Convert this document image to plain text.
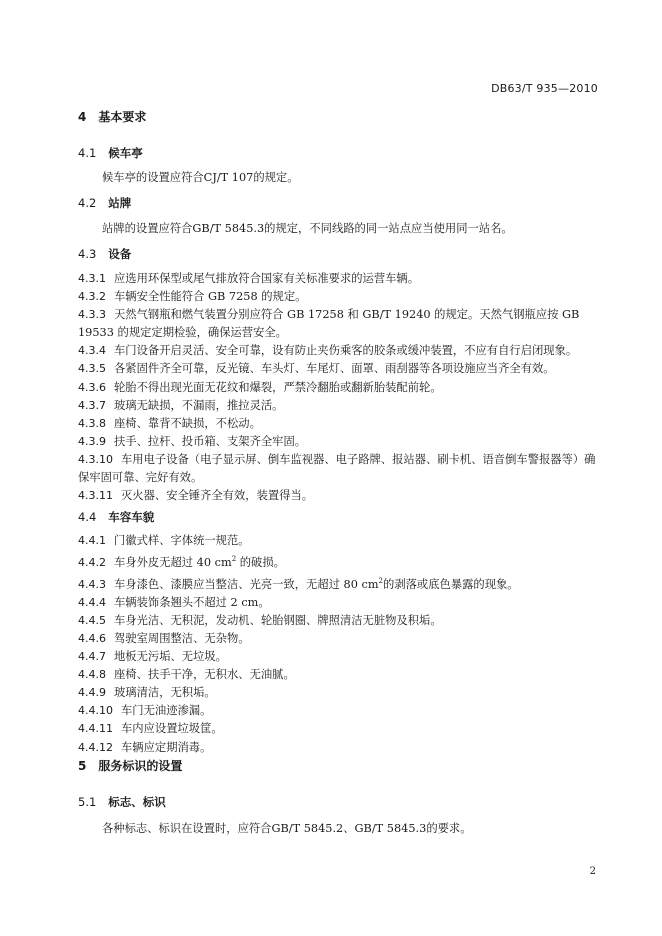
DB63/T 935—2010
4 基本要求
4.1 候车亭
候车亭的设置应符合CJ/T 107的规定。
4.2 站牌
站牌的设置应符合GB/T 5845.3的规定，不同线路的同一站点应当使用同一站名。
4.3 设备
4.3.1 应选用环保型或尾气排放符合国家有关标准要求的运营车辆。
4.3.2 车辆安全性能符合 GB 7258 的规定。
4.3.3 天然气钢瓶和燃气装置分别应符合 GB 17258 和 GB/T 19240 的规定。天然气钢瓶应按 GB 19533 的规定定期检验，确保运营安全。
4.3.4 车门设备开启灵活、安全可靠，设有防止夹伤乘客的胶条或缓冲装置，不应有自行启闭现象。
4.3.5 各紧固件齐全可靠，反光镜、车头灯、车尾灯、面罩、雨刮器等各项设施应当齐全有效。
4.3.6 轮胎不得出现光面无花纹和爆裂，严禁冷翻胎或翻新胎装配前轮。
4.3.7 玻璃无缺损，不漏雨，推拉灵活。
4.3.8 座椅、靠背不缺损，不松动。
4.3.9 扶手、拉杆、投币箱、支架齐全牢固。
4.3.10 车用电子设备（电子显示屏、倒车监视器、电子路牌、报站器、刷卡机、语音倒车警报器等）确保牢固可靠、完好有效。
4.3.11 灭火器、安全锤齐全有效，装置得当。
4.4 车容车貌
4.4.1 门徽式样、字体统一规范。
4.4.2 车身外皮无超过 40 $cm^2$ 的破损。
4.4.3 车身漆色、漆膜应当整洁、光亮一致，无超过 80 $cm^2$的剥落或底色暴露的现象。
4.4.4 车辆装饰条翘头不超过 2 cm。
4.4.5 车身光洁、无积泥，发动机、轮胎钢圈、牌照清洁无脏物及积垢。
4.4.6 驾驶室周围整洁、无杂物。
4.4.7 地板无污垢、无垃圾。
4.4.8 座椅、扶手干净，无积水、无油腻。
4.4.9 玻璃清洁，无积垢。
4.4.10 车门无油迹渗漏。
4.4.11 车内应设置垃圾筐。
4.4.12 车辆应定期消毒。
5 服务标识的设置
5.1 标志、标识
各种标志、标识在设置时，应符合GB/T 5845.2、GB/T 5845.3的要求。
2
